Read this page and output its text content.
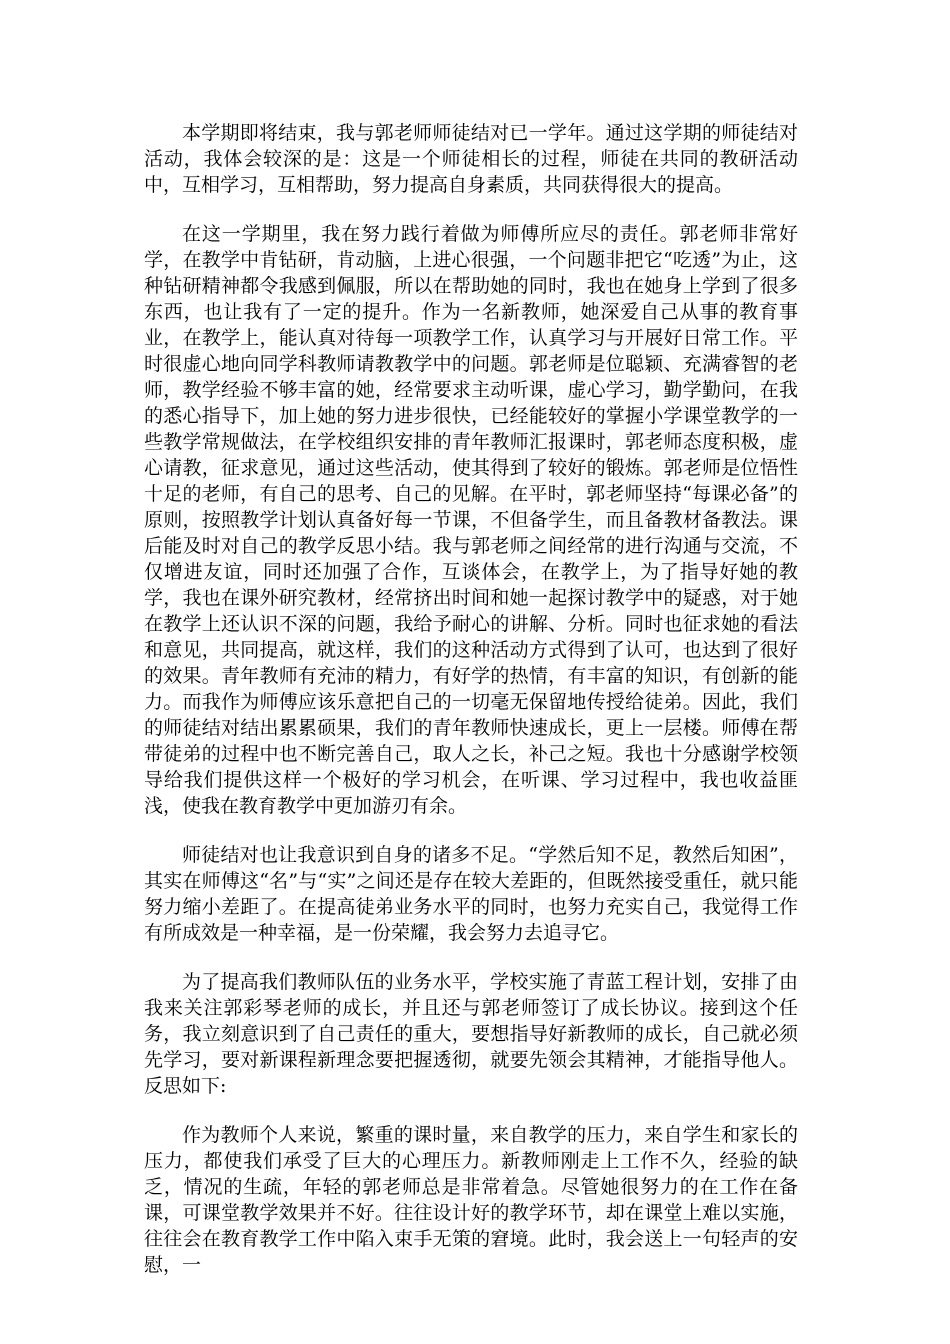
本学期即将结束，我与郭老师师徒结对已一学年。通过这学期的师徒结对活动，我体会较深的是：这是一个师徒相长的过程，师徒在共同的教研活动中，互相学习，互相帮助，努力提高自身素质，共同获得很大的提高。

在这一学期里，我在努力践行着做为师傅所应尽的责任。郭老师非常好学，在教学中肯钻研，肯动脑，上进心很强，一个问题非把它“吃透”为止，这种钻研精神都令我感到佩服，所以在帮助她的同时，我也在她身上学到了很多东西，也让我有了一定的提升。作为一名新教师，她深爱自己从事的教育事业，在教学上，能认真对待每一项教学工作，认真学习与开展好日常工作。平时很虚心地向同学科教师请教教学中的问题。郭老师是位聪颖、充满睿智的老师，教学经验不够丰富的她，经常要求主动听课，虚心学习，勤学勤问，在我的悉心指导下，加上她的努力进步很快，已经能较好的掌握小学课堂教学的一些教学常规做法，在学校组织安排的青年教师汇报课时，郭老师态度积极，虚心请教，征求意见，通过这些活动，使其得到了较好的锻炼。郭老师是位悟性十足的老师，有自己的思考、自己的见解。在平时，郭老师坚持“每课必备”的原则，按照教学计划认真备好每一节课，不但备学生，而且备教材备教法。课后能及时对自己的教学反思小结。我与郭老师之间经常的进行沟通与交流，不仅增进友谊，同时还加强了合作，互谈体会，在教学上，为了指导好她的教学，我也在课外研究教材，经常挤出时间和她一起探讨教学中的疑惑，对于她在教学上还认识不深的问题，我给予耐心的讲解、分析。同时也征求她的看法和意见，共同提高，就这样，我们的这种活动方式得到了认可，也达到了很好的效果。青年教师有充沛的精力，有好学的热情，有丰富的知识，有创新的能力。而我作为师傅应该乐意把自己的一切毫无保留地传授给徒弟。因此，我们的师徒结对结出累累硕果，我们的青年教师快速成长，更上一层楼。师傅在帮带徒弟的过程中也不断完善自己，取人之长，补己之短。我也十分感谢学校领导给我们提供这样一个极好的学习机会，在听课、学习过程中，我也收益匪浅，使我在教育教学中更加游刃有余。

师徒结对也让我意识到自身的诸多不足。“学然后知不足，教然后知困”，其实在师傅这“名”与“实”之间还是存在较大差距的，但既然接受重任，就只能努力缩小差距了。在提高徒弟业务水平的同时，也努力充实自己，我觉得工作有所成效是一种幸福，是一份荣耀，我会努力去追寻它。

为了提高我们教师队伍的业务水平，学校实施了青蓝工程计划，安排了由我来关注郭彩琴老师的成长，并且还与郭老师签订了成长协议。接到这个任务，我立刻意识到了自己责任的重大，要想指导好新教师的成长，自己就必须先学习，要对新课程新理念要把握透彻，就要先领会其精神，才能指导他人。反思如下:

作为教师个人来说，繁重的课时量，来自教学的压力，来自学生和家长的压力，都使我们承受了巨大的心理压力。新教师刚走上工作不久，经验的缺乏，情况的生疏，年轻的郭老师总是非常着急。尽管她很努力的在工作在备课，可课堂教学效果并不好。往往设计好的教学环节，却在课堂上难以实施，往往会在教育教学工作中陷入束手无策的窘境。此时，我会送上一句轻声的安慰，一
